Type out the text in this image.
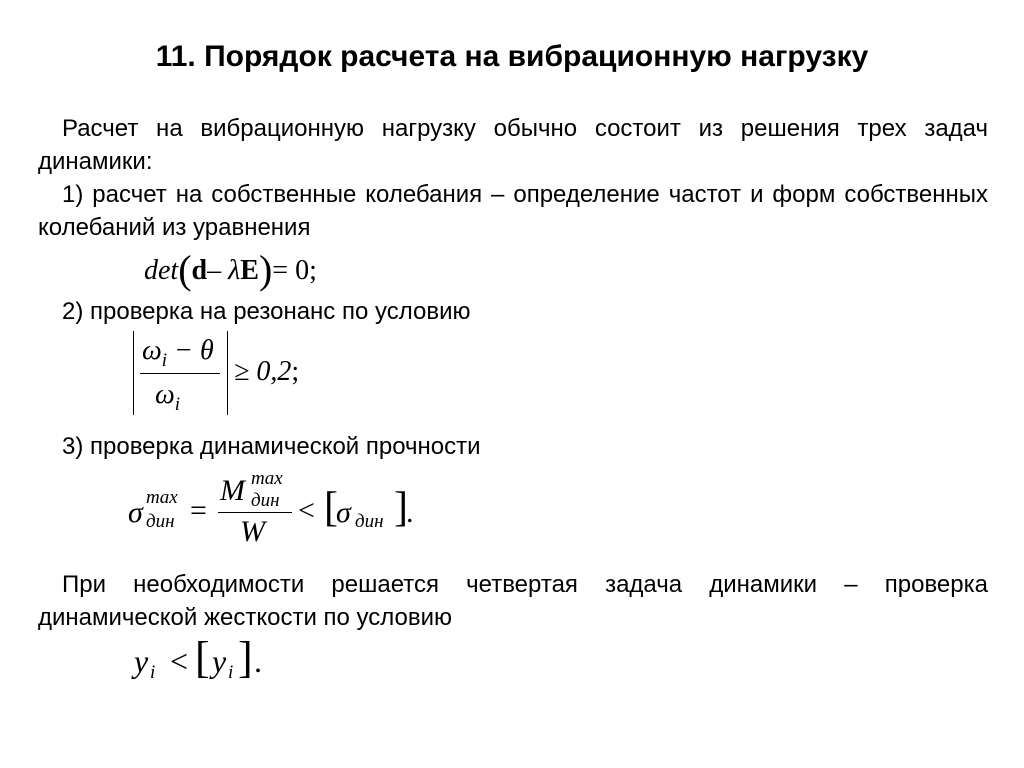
11. Порядок расчета на вибрационную нагрузку
Расчет на вибрационную нагрузку обычно состоит из решения трех задач динамики:
1) расчет на собственные колебания – определение частот и форм собственных колебаний из уравнения
det(d– λE)= 0;
2) проверка на резонанс по условию
$\omega_i - \theta$
$\omega_i$
≥ 0,2;
3) проверка динамической прочности
σ max
дин =
M max
дин
W
< [
σ дин ]
.
При необходимости решается четвертая задача динамики – проверка динамической жесткости по условию
y i < [ y i ] .
